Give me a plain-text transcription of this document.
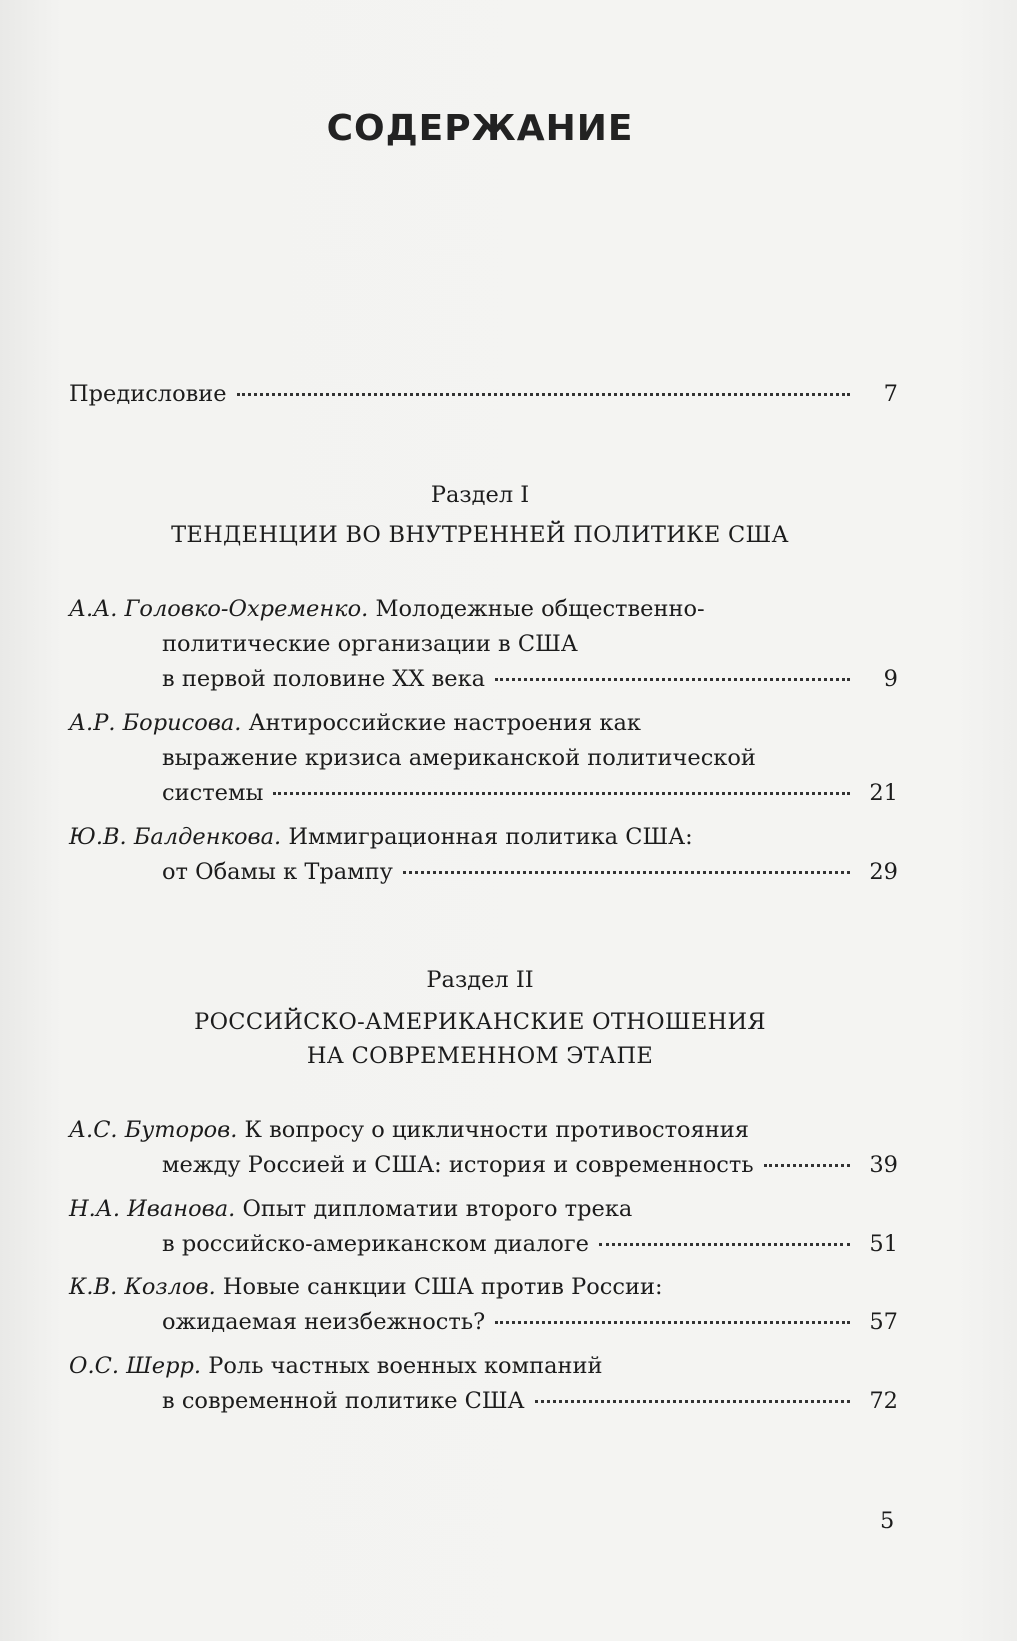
СОДЕРЖАНИЕ
Предисловие	7
Раздел I
ТЕНДЕНЦИИ ВО ВНУТРЕННЕЙ ПОЛИТИКЕ США
А.А. Головко-Охременко. Молодежные общественно-
политические организации в США
в первой половине XX века	9
А.Р. Борисова. Антироссийские настроения как
выражение кризиса американской политической
системы	21
Ю.В. Балденкова. Иммиграционная политика США:
от Обамы к Трампу	29
Раздел II
РОССИЙСКО-АМЕРИКАНСКИЕ ОТНОШЕНИЯ
НА СОВРЕМЕННОМ ЭТАПЕ
А.С. Буторов. К вопросу о цикличности противостояния
между Россией и США: история и современность	39
Н.А. Иванова. Опыт дипломатии второго трека
в российско-американском диалоге	51
К.В. Козлов. Новые санкции США против России:
ожидаемая неизбежность?	57
О.С. Шерр. Роль частных военных компаний
в современной политике США	72
5
